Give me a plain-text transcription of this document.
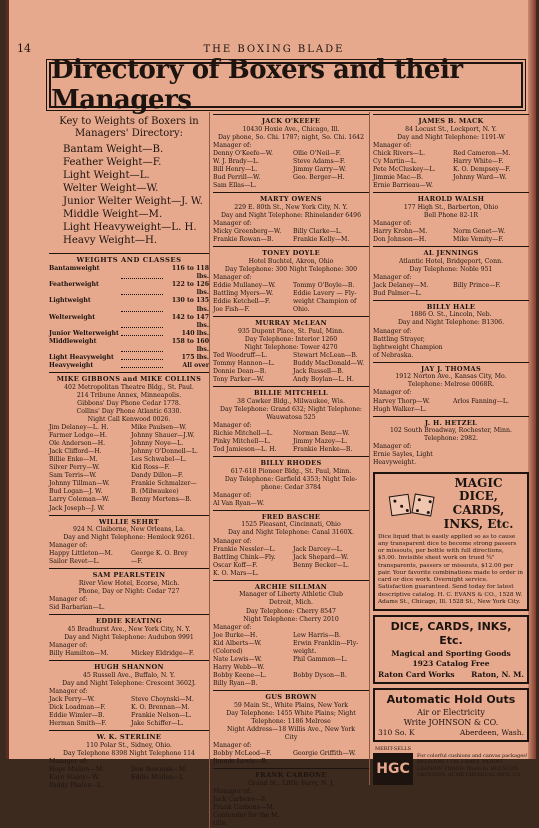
14	THE BOXING BLADE
Directory of Boxers and their Managers
Key to Weights of Boxers in Managers' Directory:
Bantam Weight—B.
Feather Weight—F.
Light Weight—L.
Welter Weight—W.
Junior Welter Weight—J. W.
Middle Weight—M.
Light Heavyweight—L. H.
Heavy Weight—H.
WEIGHTS AND CLASSES
Bantamweight	116 to 118 lbs.
Featherweight	122 to 126 lbs.
Lightweight	130 to 135 lbs.
Welterweight	142 to 147 lbs.
Junior Welterweight	140 lbs.
Middleweight	158 to 160 lbs.
Light Heavyweight	175 lbs.
Heavyweight	All over
MIKE GIBBONS and MIKE COLLINS
402 Metropolitan Theatre Bldg., St. Paul.
214 Tribune Annex, Minneapolis.
Gibbons' Day Phone Cedar 1778.
Collins' Day Phone Atlantic 6330.
Night Call Kenwood 0026.
Jim Delaney—L. H.	Mike Paulsen—W.
Farmer Lodge—H.	Johnny Shauer—J.W.
Ole Anderson—H.	Johnny Noye—L.
Jack Clifford—H.	Johnny O'Donnell—L.
Billie Enke—M.	Les Schwabel—L.
Silver Perry—W.	Kid Ross—F.
Sam Terris—W.	Dandy Dillon—F.
Johnny Tillman—W.	Frankie Schmalzer—
Bud Logan—J. W.	B. (Milwaukee)
Larry Coleman—W.	Benny Mertens—B.
Jack Joseph—J. W.
WILLIE SEHRT
924 N. Claiborne, New Orleans, La.
Day and Night Telephone: Hemlock 9261.
Manager of:
Happy Littleton—M.	George K. O. Brey
Sailor Revet—L.	—F.
SAM PEARLSTEIN
River View Hotel, Ecorse, Mich.
Phone, Day or Night: Cedar 727
Manager of:
Sid Barbarian—L.
EDDIE KEATING
45 Bradhurst Ave., New York City, N. Y.
Day and Night Telephone: Audubon 9991
Manager of:
Billy Hamilton—M.	Mickey Eldridge—F.
HUGH SHANNON
45 Russell Ave., Buffalo, N. Y.
Day and Night Telephone: Crescent 3602J.
Manager of:
Jack Perry—W.	Steve Choynski—M.
Dick Loadman—F.	K. O. Brennan—M.
Eddie Wimler—B.	Frankie Nelson—L.
Herman Smith—F.	Jake Schiffer—L.
W. K. STERLINE
110 Polar St., Sidney, Ohio.
Day Telephone 8398 Night Telephone 114
Manager of:
Hope Mullen—M.	Don Bowman—M.
Kaye Staley—W.	Eddie Mullen—L.
Paddy Phalen—L.
JACK O'KEEFE
10430 Hoxie Ave., Chicago, Ill.
Day phone, So. Chi. 1787; night, So. Chi. 1642
Manager of:
Denny O'Keefe—W.	Ollie O'Neil—F.
W. J. Brady—L.	Steve Adams—F.
Bill Henry—L.	Jimmy Garry—W.
Bud Perrill—W.	Geo. Berger—H.
Sam Ellas—L.
MARTY OWENS
229 E. 80th St., New York City, N. Y.
Day and Night Telephone: Rhinelander 6496
Manager of:
Micky Greenberg—W.	Billy Clarke—L.
Frankie Rowan—B.	Frankie Kelly—M.
TONEY DOYLE
Hotel Buchtel, Akron, Ohio
Day Telephone: 300 Night Telephone: 300
Manager of:
Eddie Mullaney—W.	Tommy O'Boyle—B.
Battling Myers—W.	Eddie Lavery — Fly-
Eddie Ketchell—F.	weight Champion of
Joe Fish—F.	Ohio.
MURRAY McLEAN
935 Dupont Place, St. Paul, Minn.
Day Telephone: Interior 1260
Night Telephone: Tower 4270
Ted Woodruff—L.	Stewart McLean—B.
Tommy Hannon—L.	Buddy MacDonald—W.
Donnie Dean—B.	Jack Russell—B.
Tony Parker—W.	Andy Boylan—L. H.
BILLIE MITCHELL
38 Cawker Bldg., Milwaukee, Wis.
Day Telephone: Grand 632; Night Telephone:
Wauwatosa 525
Manager of:
Richie Mitchell—L.	Norman Benz—W.
Pinky Mitchell—L.	Jimmy Mazey—L.
Tod Jamieson—L. H.	Frankie Henke—B.
BILLY RHODES
617-618 Pioneer Bldg., St. Paul, Minn.
Day Telephone: Garfield 4353; Night Tele-
phone: Cedar 3784
Manager of:
Al Van Ryan—W.
FRED BASCHE
1525 Pleasant, Cincinnati, Ohio
Day and Night Telephone: Canal 3160X.
Manager of:
Frankie Nessler—L.	Jack Darcey—L.
Battling Chink—Fly.	Jack Shepard—W.
Oscar Koff—F.	Benny Becker—L.
K. O. Mars—L.
ARCHIE SILLMAN
Manager of Liberty Athletic Club
Detroit, Mich.
Day Telephone: Cherry 8547
Night Telephone: Cherry 2010
Manager of:
Joe Burke—H.	Lew Harris—B.
Kid Alberts—W.	Erwin Franklin—Fly-
(Colored)	weight.
Nate Lewis—W.	Phil Gammon—L.
Harry Webb—W.
Bobby Keene—L.	Bobby Dyson—B.
Billy Ryan—B.
GUS BROWN
59 Main St., White Plains, New York
Day Telephone: 1455 White Plains; Night
Telephone: 1186 Melrose
Night Address—18 Willis Ave., New York
City
Manager of:
Bobby McLeod—F.	Georgie Griffith—W.
Jimmie Lewis—B.
FRANK CARBONE
Grand St., Little Ferry, N. J.
Manager of:
Jack Carbone—F.
Frank Carbone—M. Contender for the M. title.
JAMES B. MACK
84 Locust St., Lockport, N. Y.
Day and Night Telephone: 1191-W
Manager of:
Chick Rivers—L.	Red Cameron—M.
Cy Martin—L.	Harry White—F.
Pete McCluskey—L.	K. O. Dempsey—F.
Jimmie Mac—B.	Johnny Ward—W.
Ernie Barrieau—W.
HAROLD WALSH
177 High St., Barberton, Ohio
Bell Phone 82-1R
Manager of:
Harry Krohn—M.	Norm Genet—W.
Don Johnson—H.	Mike Vemity—F.
AL JENNINGS
Atlantic Hotel, Bridgeport, Conn.
Day Telephone: Noble 951
Manager of:
Jack Delaney—M.	Billy Prince—F.
Bud Palmer—L.
BILLY HALE
1886 O. St., Lincoln, Neb.
Day and Night Telephone: B1306.
Manager of:
Battling Strayer, lightweight Champion of Nebraska.
JAY J. THOMAS
1912 Norton Ave., Kansas City, Mo.
Telephone: Melrose 0068R.
Manager of:
Harvey Thorp—W.	Arlos Fanning—L.
Hugh Walker—L.
J. H. HETZEL
102 South Broadway, Rochester, Minn.
Telephone: 2982.
Manager of:
Ernie Sayles, Light Heavyweight.
MAGIC DICE, CARDS, INKS, Etc.
Dice liquid that is easily applied so as to cause any transparent dice to become strong passers or missouts, per bottle with full directions, $5.00. Invisible sheet work on trued ¾" transparents, passers or missouts, $12.00 per pair. Your favorite combinations made to order in card or dice work. Overnight service. Satisfaction guaranteed. Send today for latest descriptive catalog. H. C. EVANS & CO., 1528 W. Adams St., Chicago, Ill. 1528 St., New York City.
DICE, CARDS, INKS, Etc.
Magical and Sporting Goods
1923 Catalog Free
Raton Card Works Raton, N. M.
Automatic Hold Outs
Air or Electricity
Write JOHNSON & CO.
310 So. K	Aberdeen, Wash.
MERIT-SELLS
HGC
For colorful cushions and canvas packages! DELIVERS 1 OR 3 DAYS. PATENT LEATHER FINISH. Made by HOUSTON GROUNDS. ACME CHEMICAL MFG. CO.
